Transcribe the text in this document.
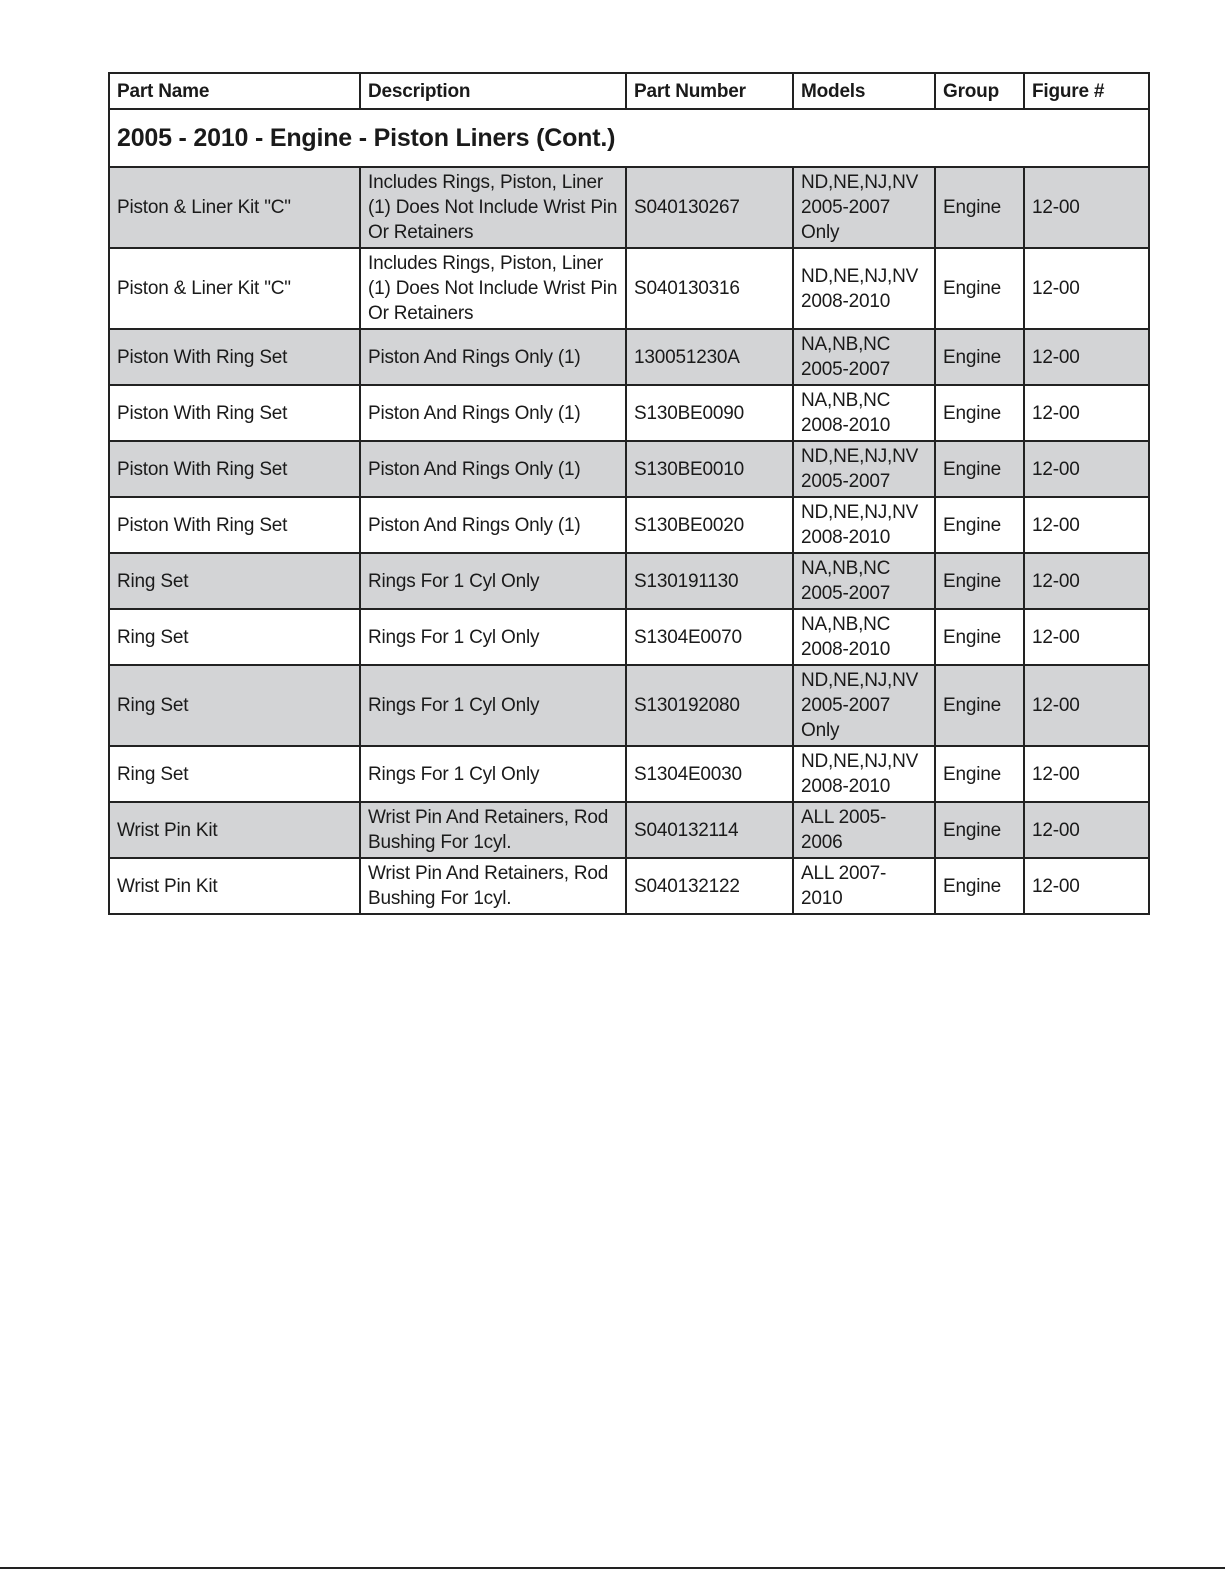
Part Name	Description	Part Number	Models	Group	Figure #
2005 - 2010 - Engine - Piston Liners (Cont.)					
Piston & Liner Kit "C"	Includes Rings, Piston, Liner (1) Does Not Include Wrist Pin Or Retainers	S040130267	ND,NE,NJ,NV 2005-2007 Only	Engine	12-00
Piston & Liner Kit "C"	Includes Rings, Piston, Liner (1) Does Not Include Wrist Pin Or Retainers	S040130316	ND,NE,NJ,NV 2008-2010	Engine	12-00
Piston With Ring Set	Piston And Rings Only (1)	130051230A	NA,NB,NC 2005-2007	Engine	12-00
Piston With Ring Set	Piston And Rings Only (1)	S130BE0090	NA,NB,NC 2008-2010	Engine	12-00
Piston With Ring Set	Piston And Rings Only (1)	S130BE0010	ND,NE,NJ,NV 2005-2007	Engine	12-00
Piston With Ring Set	Piston And Rings Only (1)	S130BE0020	ND,NE,NJ,NV 2008-2010	Engine	12-00
Ring Set	Rings For 1 Cyl Only	S130191130	NA,NB,NC 2005-2007	Engine	12-00
Ring Set	Rings For 1 Cyl Only	S1304E0070	NA,NB,NC 2008-2010	Engine	12-00
Ring Set	Rings For 1 Cyl Only	S130192080	ND,NE,NJ,NV 2005-2007 Only	Engine	12-00
Ring Set	Rings For 1 Cyl Only	S1304E0030	ND,NE,NJ,NV 2008-2010	Engine	12-00
Wrist Pin Kit	Wrist Pin And Retainers, Rod Bushing For 1cyl.	S040132114	ALL 2005-2006	Engine	12-00
Wrist Pin Kit	Wrist Pin And Retainers, Rod Bushing For 1cyl.	S040132122	ALL 2007-2010	Engine	12-00
